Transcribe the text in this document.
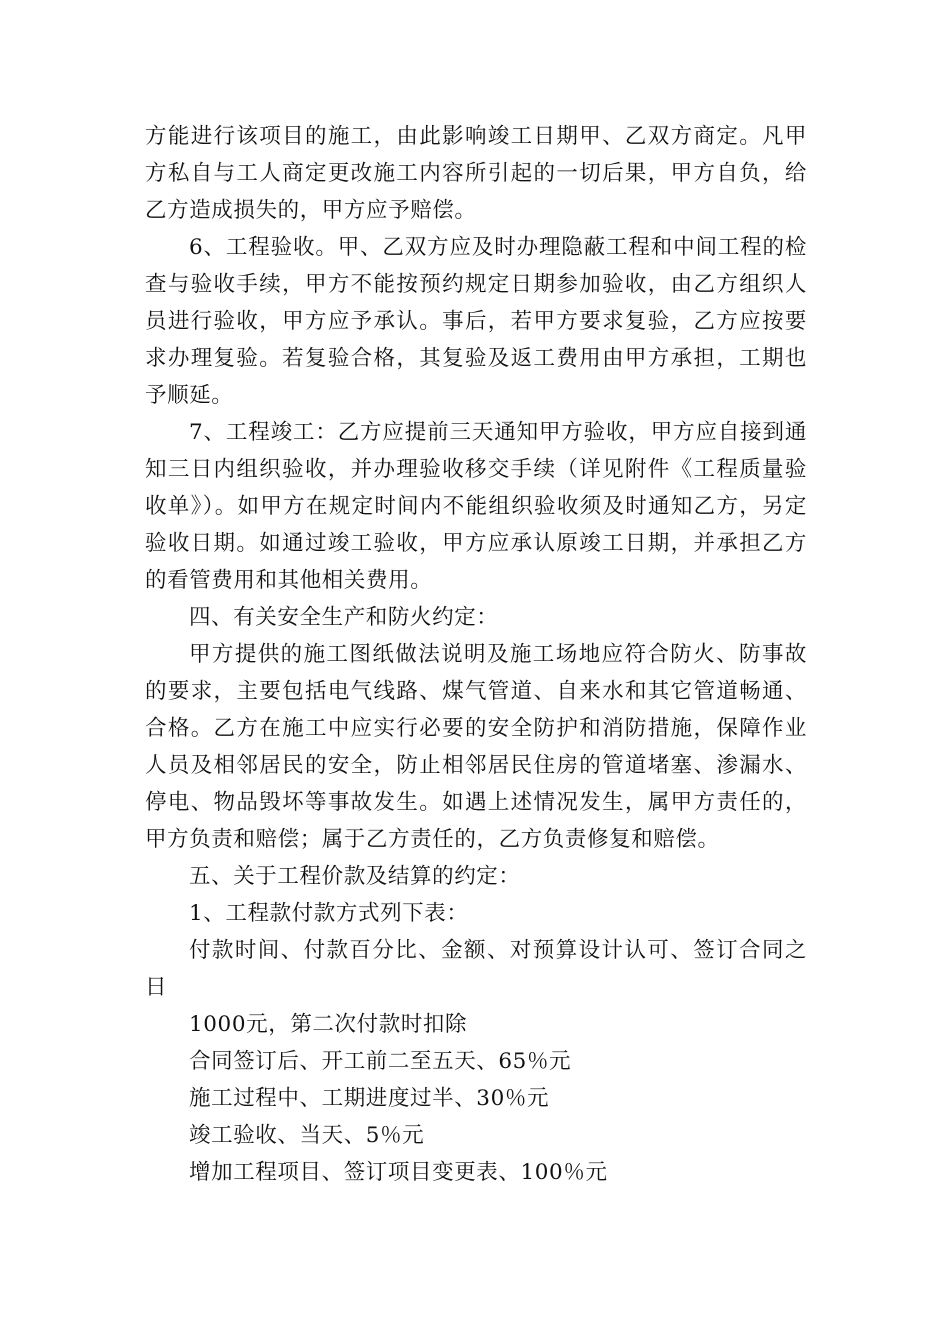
方能进行该项目的施工，由此影响竣工日期甲、乙双方商定。凡甲方私自与工人商定更改施工内容所引起的一切后果，甲方自负，给乙方造成损失的，甲方应予赔偿。

6、工程验收。甲、乙双方应及时办理隐蔽工程和中间工程的检查与验收手续，甲方不能按预约规定日期参加验收，由乙方组织人员进行验收，甲方应予承认。事后，若甲方要求复验，乙方应按要求办理复验。若复验合格，其复验及返工费用由甲方承担，工期也予顺延。

7、工程竣工：乙方应提前三天通知甲方验收，甲方应自接到通知三日内组织验收，并办理验收移交手续（详见附件《工程质量验收单》）。如甲方在规定时间内不能组织验收须及时通知乙方，另定验收日期。如通过竣工验收，甲方应承认原竣工日期，并承担乙方的看管费用和其他相关费用。

四、有关安全生产和防火约定：

甲方提供的施工图纸做法说明及施工场地应符合防火、防事故的要求，主要包括电气线路、煤气管道、自来水和其它管道畅通、合格。乙方在施工中应实行必要的安全防护和消防措施，保障作业人员及相邻居民的安全，防止相邻居民住房的管道堵塞、渗漏水、停电、物品毁坏等事故发生。如遇上述情况发生，属甲方责任的，甲方负责和赔偿；属于乙方责任的，乙方负责修复和赔偿。

五、关于工程价款及结算的约定：

1、工程款付款方式列下表：

付款时间、付款百分比、金额、对预算设计认可、签订合同之日

1000元，第二次付款时扣除

合同签订后、开工前二至五天、65％元

施工过程中、工期进度过半、30％元

竣工验收、当天、5％元

增加工程项目、签订项目变更表、100％元
